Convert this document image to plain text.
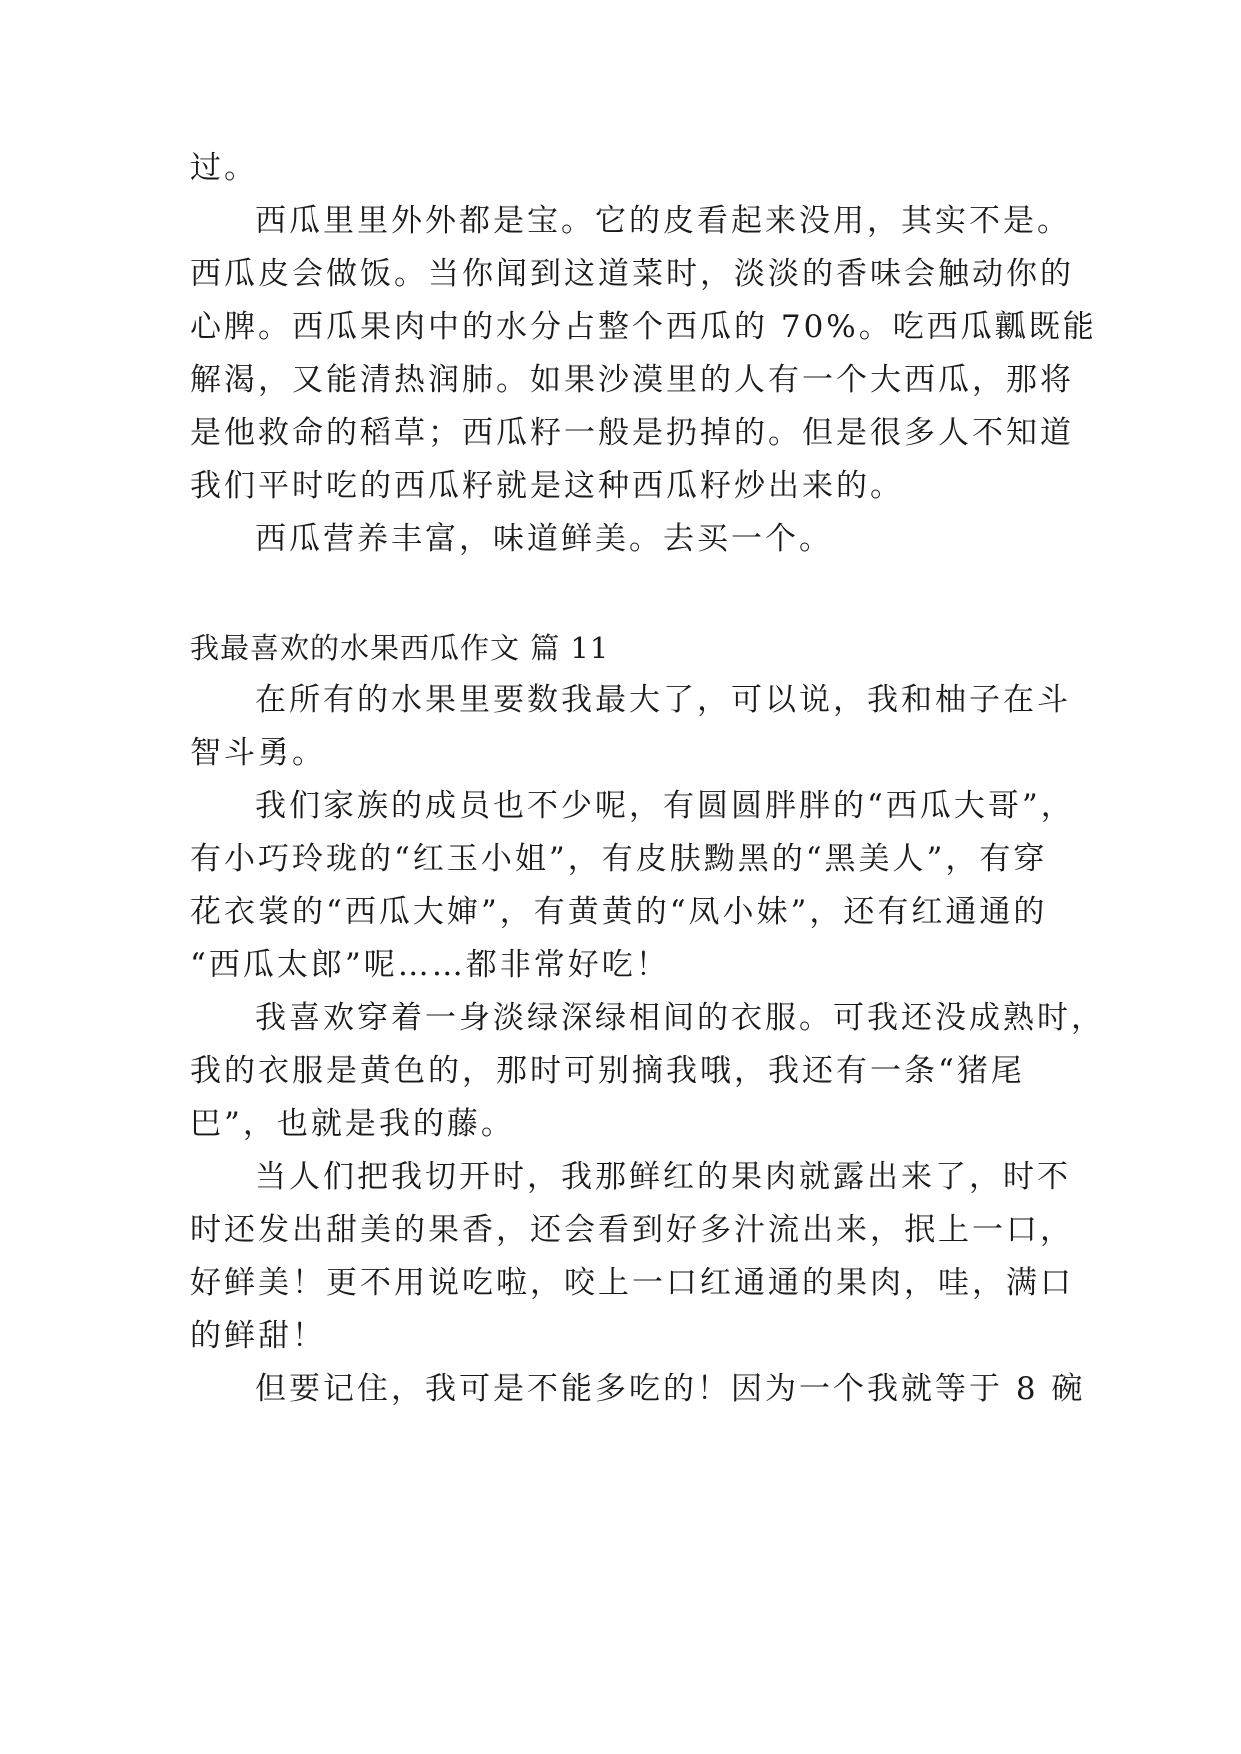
过。
西瓜里里外外都是宝。它的皮看起来没用，其实不是。
西瓜皮会做饭。当你闻到这道菜时，淡淡的香味会触动你的
心脾。西瓜果肉中的水分占整个西瓜的 70%。吃西瓜瓤既能
解渴，又能清热润肺。如果沙漠里的人有一个大西瓜，那将
是他救命的稻草；西瓜籽一般是扔掉的。但是很多人不知道
我们平时吃的西瓜籽就是这种西瓜籽炒出来的。
西瓜营养丰富，味道鲜美。去买一个。
我最喜欢的水果西瓜作文 篇 11
在所有的水果里要数我最大了，可以说，我和柚子在斗
智斗勇。
我们家族的成员也不少呢，有圆圆胖胖的“西瓜大哥”，
有小巧玲珑的“红玉小姐”，有皮肤黝黑的“黑美人”，有穿
花衣裳的“西瓜大婶”，有黄黄的“凤小妹”，还有红通通的
“西瓜太郎”呢……都非常好吃！
我喜欢穿着一身淡绿深绿相间的衣服。可我还没成熟时，
我的衣服是黄色的，那时可别摘我哦，我还有一条“猪尾
巴”，也就是我的藤。
当人们把我切开时，我那鲜红的果肉就露出来了，时不
时还发出甜美的果香，还会看到好多汁流出来，抿上一口，
好鲜美！更不用说吃啦，咬上一口红通通的果肉，哇，满口
的鲜甜！
但要记住，我可是不能多吃的！因为一个我就等于 8 碗
